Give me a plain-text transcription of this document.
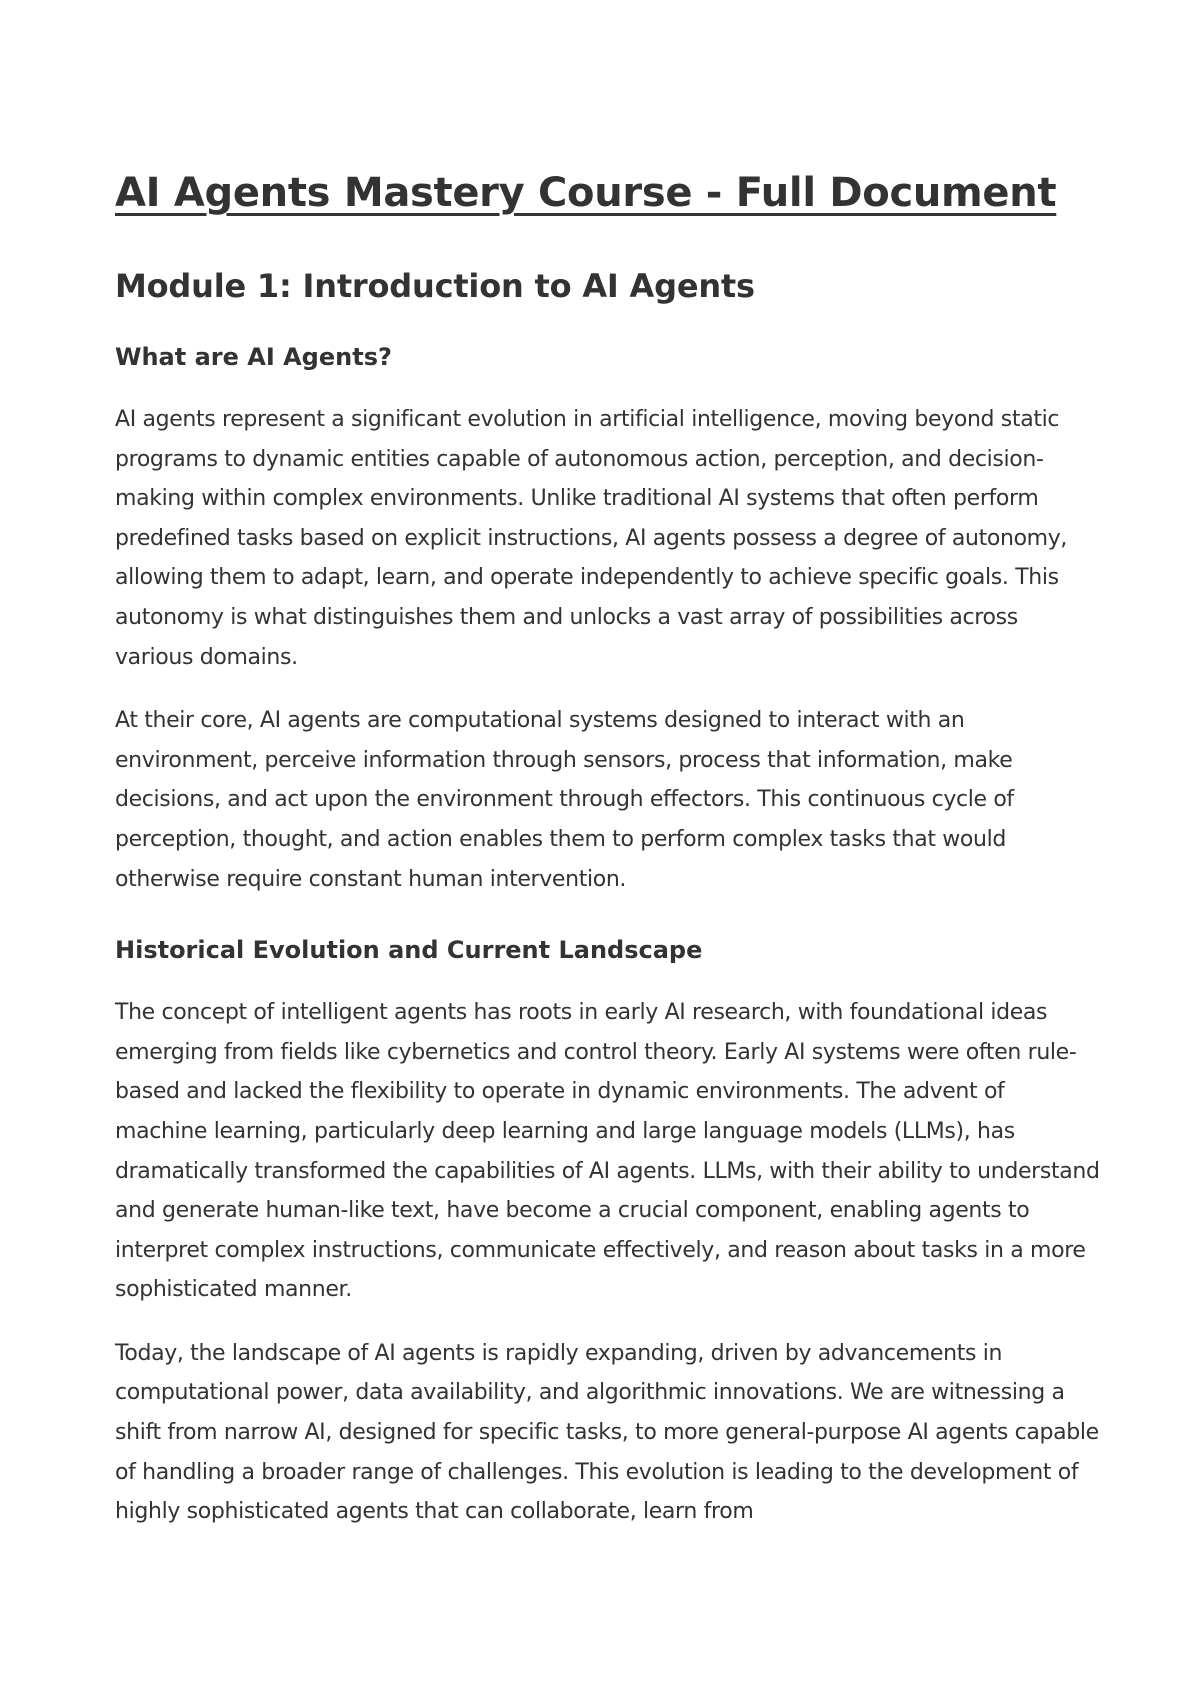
AI Agents Mastery Course - Full Document
Module 1: Introduction to AI Agents
What are AI Agents?

AI agents represent a significant evolution in artificial intelligence, moving beyond static programs to dynamic entities capable of autonomous action, perception, and decision-making within complex environments. Unlike traditional AI systems that often perform predefined tasks based on explicit instructions, AI agents possess a degree of autonomy, allowing them to adapt, learn, and operate independently to achieve specific goals. This autonomy is what distinguishes them and unlocks a vast array of possibilities across various domains.

At their core, AI agents are computational systems designed to interact with an environment, perceive information through sensors, process that information, make decisions, and act upon the environment through effectors. This continuous cycle of perception, thought, and action enables them to perform complex tasks that would otherwise require constant human intervention.

Historical Evolution and Current Landscape

The concept of intelligent agents has roots in early AI research, with foundational ideas emerging from fields like cybernetics and control theory. Early AI systems were often rule-based and lacked the flexibility to operate in dynamic environments. The advent of machine learning, particularly deep learning and large language models (LLMs), has dramatically transformed the capabilities of AI agents. LLMs, with their ability to understand and generate human-like text, have become a crucial component, enabling agents to interpret complex instructions, communicate effectively, and reason about tasks in a more sophisticated manner.

Today, the landscape of AI agents is rapidly expanding, driven by advancements in computational power, data availability, and algorithmic innovations. We are witnessing a shift from narrow AI, designed for specific tasks, to more general-purpose AI agents capable of handling a broader range of challenges. This evolution is leading to the development of highly sophisticated agents that can collaborate, learn from
